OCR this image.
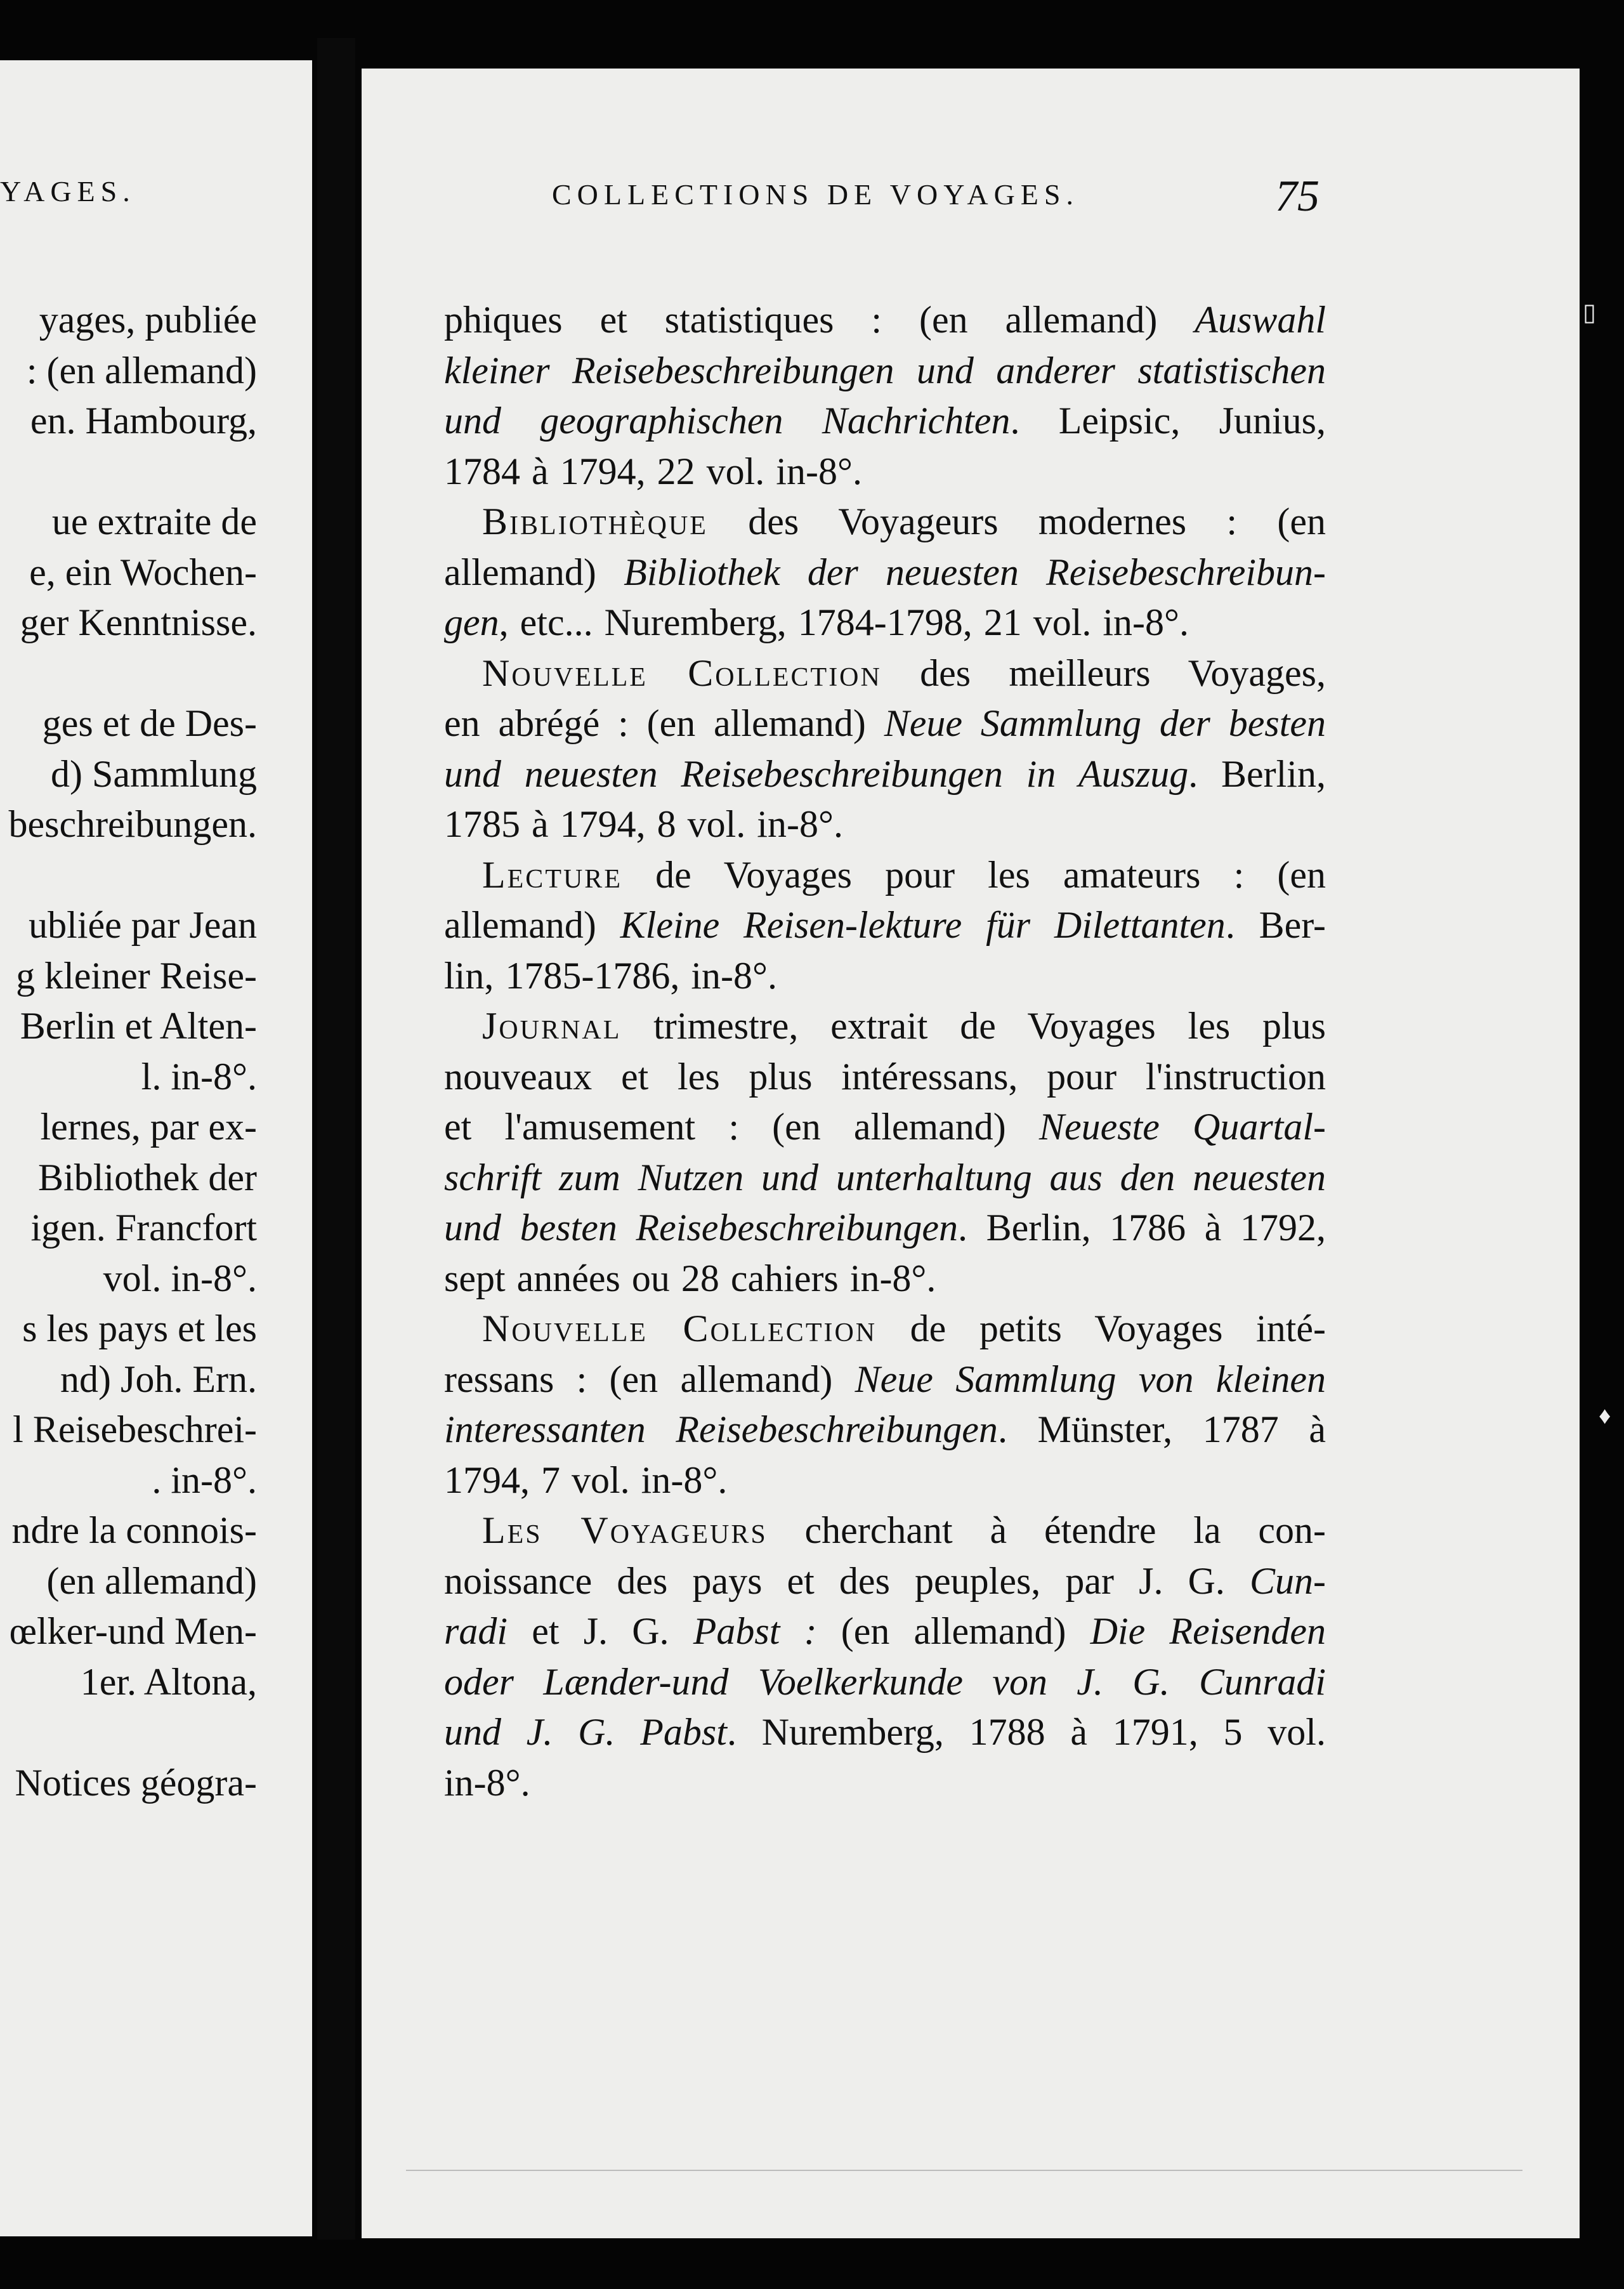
YAGES.
yages, publiée
: (en allemand)
en. Hambourg,
ue extraite de
e, ein Wochen-
ger Kenntnisse.
ges et de Des-
d) Sammlung
beschreibungen.
ubliée par Jean
g kleiner Reise-
Berlin et Alten-
l. in-8°.
lernes, par ex-
Bibliothek der
igen. Francfort
vol. in-8°.
s les pays et les
nd) Joh. Ern.
l Reisebeschrei-
. in-8°.
ndre la connois-
(en allemand)
œlker-und Men-
1er. Altona,
Notices géogra-
COLLECTIONS DE VOYAGES.	75
phiques et statistiques : (en allemand) Auswahl
kleiner Reisebeschreibungen und anderer statistischen
und geographischen Nachrichten. Leipsic, Junius,
1784 à 1794, 22 vol. in-8°.
Bibliothèque des Voyageurs modernes : (en
allemand) Bibliothek der neuesten Reisebeschreibun-
gen, etc... Nuremberg, 1784-1798, 21 vol. in-8°.
Nouvelle Collection des meilleurs Voyages,
en abrégé : (en allemand) Neue Sammlung der besten
und neuesten Reisebeschreibungen in Auszug. Berlin,
1785 à 1794, 8 vol. in-8°.
Lecture de Voyages pour les amateurs : (en
allemand) Kleine Reisen-lekture für Dilettanten. Ber-
lin, 1785-1786, in-8°.
Journal trimestre, extrait de Voyages les plus
nouveaux et les plus intéressans, pour l'instruction
et l'amusement : (en allemand) Neueste Quartal-
schrift zum Nutzen und unterhaltung aus den neuesten
und besten Reisebeschreibungen. Berlin, 1786 à 1792,
sept années ou 28 cahiers in-8°.
Nouvelle Collection de petits Voyages inté-
ressans : (en allemand) Neue Sammlung von kleinen
interessanten Reisebeschreibungen. Münster, 1787 à
1794, 7 vol. in-8°.
Les Voyageurs cherchant à étendre la con-
noissance des pays et des peuples, par J. G. Cun-
radi et J. G. Pabst : (en allemand) Die Reisenden
oder Lænder-und Voelkerkunde von J. G. Cunradi
und J. G. Pabst. Nuremberg, 1788 à 1791, 5 vol.
in-8°.
▯
♦
